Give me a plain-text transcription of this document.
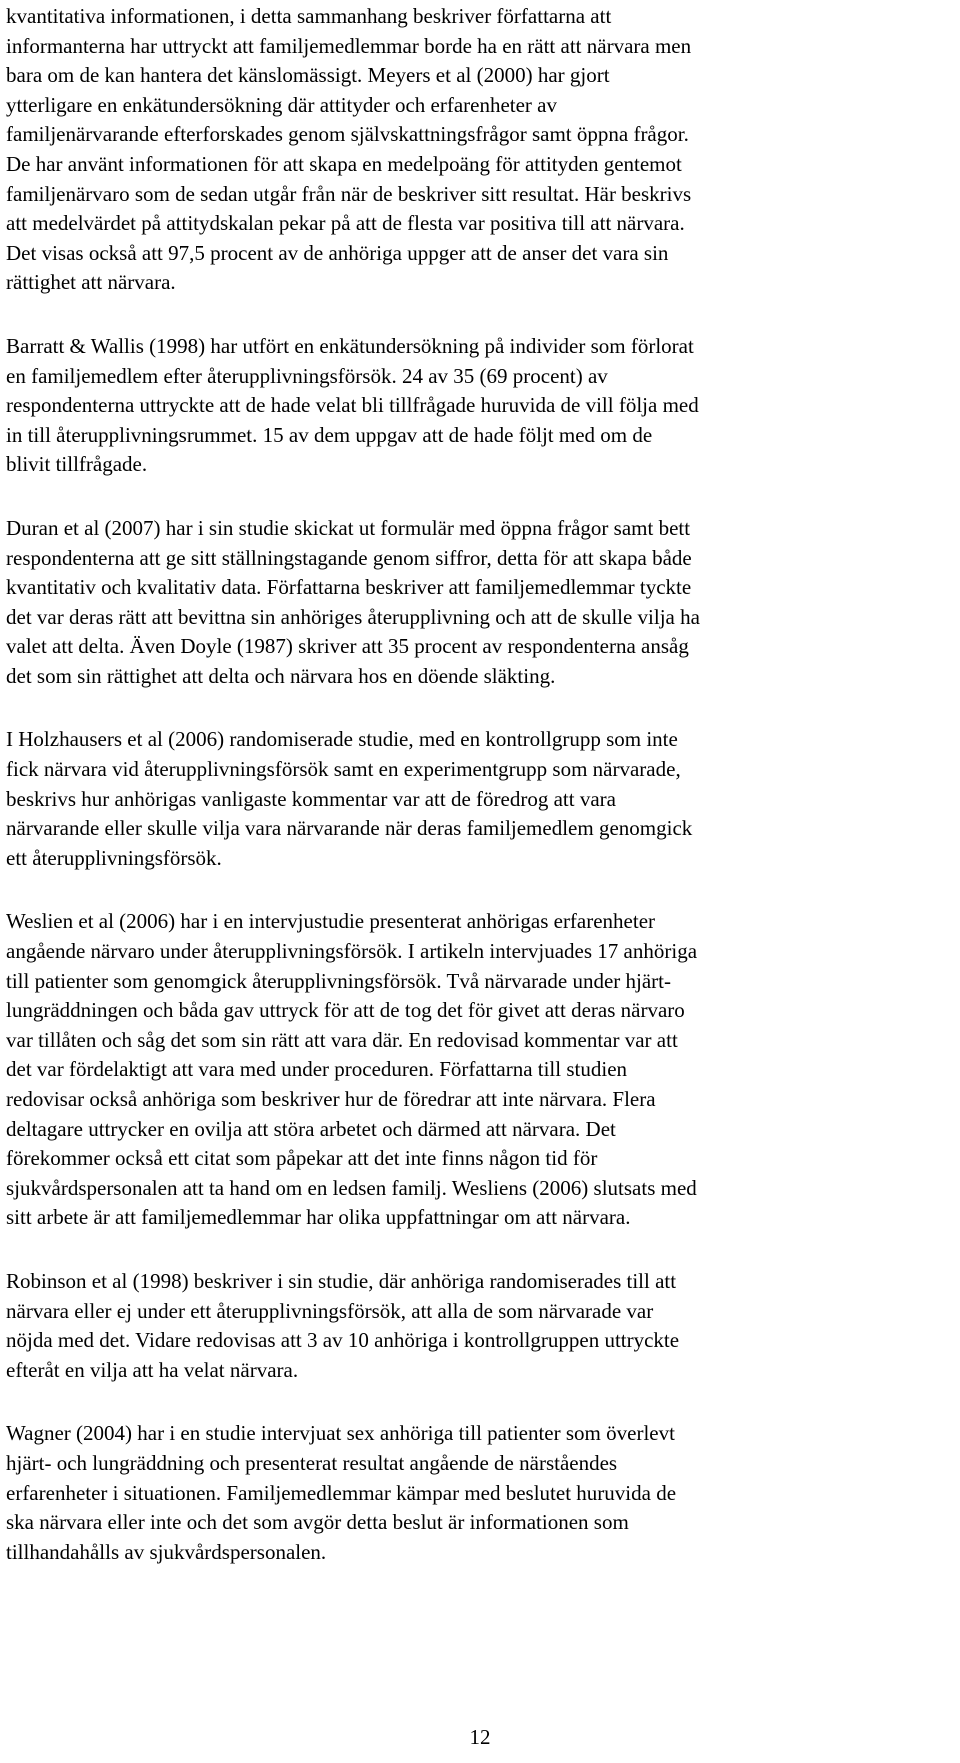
kvantitativa informationen, i detta sammanhang beskriver författarna att
informanterna har uttryckt att familjemedlemmar borde ha en rätt att närvara men
bara om de kan hantera det känslomässigt. Meyers et al (2000) har gjort
ytterligare en enkätundersökning där attityder och erfarenheter av
familjenärvarande efterforskades genom självskattningsfrågor samt öppna frågor.
De har använt informationen för att skapa en medelpoäng för attityden gentemot
familjenärvaro som de sedan utgår från när de beskriver sitt resultat. Här beskrivs
att medelvärdet på attitydskalan pekar på att de flesta var positiva till att närvara.
Det visas också att 97,5 procent av de anhöriga uppger att de anser det vara sin
rättighet att närvara.

Barratt & Wallis (1998) har utfört en enkätundersökning på individer som förlorat
en familjemedlem efter återupplivningsförsök. 24 av 35 (69 procent) av
respondenterna uttryckte att de hade velat bli tillfrågade huruvida de vill följa med
in till återupplivningsrummet. 15 av dem uppgav att de hade följt med om de
blivit tillfrågade.

Duran et al (2007) har i sin studie skickat ut formulär med öppna frågor samt bett
respondenterna att ge sitt ställningstagande genom siffror, detta för att skapa både
kvantitativ och kvalitativ data. Författarna beskriver att familjemedlemmar tyckte
det var deras rätt att bevittna sin anhöriges återupplivning och att de skulle vilja ha
valet att delta. Även Doyle (1987) skriver att 35 procent av respondenterna ansåg
det som sin rättighet att delta och närvara hos en döende släkting.

I Holzhausers et al (2006) randomiserade studie, med en kontrollgrupp som inte
fick närvara vid återupplivningsförsök samt en experimentgrupp som närvarade,
beskrivs hur anhörigas vanligaste kommentar var att de föredrog att vara
närvarande eller skulle vilja vara närvarande när deras familjemedlem genomgick
ett återupplivningsförsök.

Weslien et al (2006) har i en intervjustudie presenterat anhörigas erfarenheter
angående närvaro under återupplivningsförsök. I artikeln intervjuades 17 anhöriga
till patienter som genomgick återupplivningsförsök. Två närvarade under hjärt-
lungräddningen och båda gav uttryck för att de tog det för givet att deras närvaro
var tillåten och såg det som sin rätt att vara där. En redovisad kommentar var att
det var fördelaktigt att vara med under proceduren. Författarna till studien
redovisar också anhöriga som beskriver hur de föredrar att inte närvara. Flera
deltagare uttrycker en ovilja att störa arbetet och därmed att närvara. Det
förekommer också ett citat som påpekar att det inte finns någon tid för
sjukvårdspersonalen att ta hand om en ledsen familj. Wesliens (2006) slutsats med
sitt arbete är att familjemedlemmar har olika uppfattningar om att närvara.

Robinson et al (1998) beskriver i sin studie, där anhöriga randomiserades till att
närvara eller ej under ett återupplivningsförsök, att alla de som närvarade var
nöjda med det. Vidare redovisas att 3 av 10 anhöriga i kontrollgruppen uttryckte
efteråt en vilja att ha velat närvara.

Wagner (2004) har i en studie intervjuat sex anhöriga till patienter som överlevt
hjärt- och lungräddning och presenterat resultat angående de närståendes
erfarenheter i situationen. Familjemedlemmar kämpar med beslutet huruvida de
ska närvara eller inte och det som avgör detta beslut är informationen som
tillhandahålls av sjukvårdspersonalen.

12
